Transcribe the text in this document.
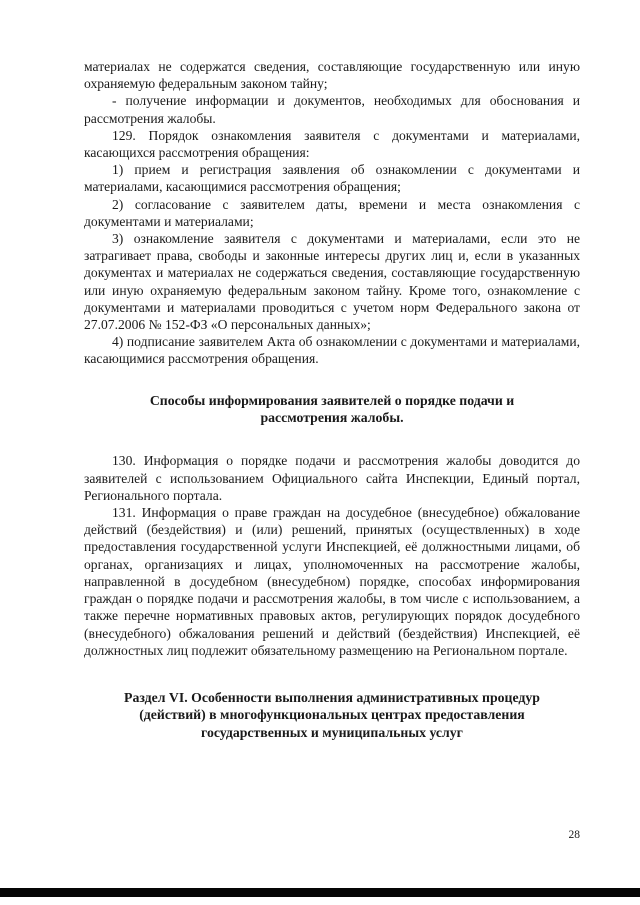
материалах не содержатся сведения, составляющие государственную или иную охраняемую федеральным законом тайну;

- получение информации и документов, необходимых для обоснования и рассмотрения жалобы.

129. Порядок ознакомления заявителя с документами и материалами, касающихся рассмотрения обращения:

1) прием и регистрация заявления об ознакомлении с документами и материалами, касающимися рассмотрения обращения;

2) согласование с заявителем даты, времени и места ознакомления с документами и материалами;

3) ознакомление заявителя с документами и материалами, если это не затрагивает права, свободы и законные интересы других лиц и, если в указанных документах и материалах не содержаться сведения, составляющие государственную или иную охраняемую федеральным законом тайну. Кроме того, ознакомление с документами и материалами проводиться с учетом норм Федерального закона от 27.07.2006 № 152-ФЗ «О персональных данных»;

4) подписание заявителем Акта об ознакомлении с документами и материалами, касающимися рассмотрения обращения.

Способы информирования заявителей о порядке подачи и рассмотрения жалобы.

130. Информация о порядке подачи и рассмотрения жалобы доводится до заявителей с использованием Официального сайта Инспекции, Единый портал, Регионального портала.

131. Информация о праве граждан на досудебное (внесудебное) обжалование действий (бездействия) и (или) решений, принятых (осуществленных) в ходе предоставления государственной услуги Инспекцией, её должностными лицами, об органах, организациях и лицах, уполномоченных на рассмотрение жалобы, направленной в досудебном (внесудебном) порядке, способах информирования граждан о порядке подачи и рассмотрения жалобы, в том числе с использованием, а также перечне нормативных правовых актов, регулирующих порядок досудебного (внесудебного) обжалования решений и действий (бездействия) Инспекцией, её должностных лиц подлежит обязательному размещению на Региональном портале.

Раздел VI. Особенности выполнения административных процедур
(действий) в многофункциональных центрах предоставления государственных и муниципальных услуг
28
